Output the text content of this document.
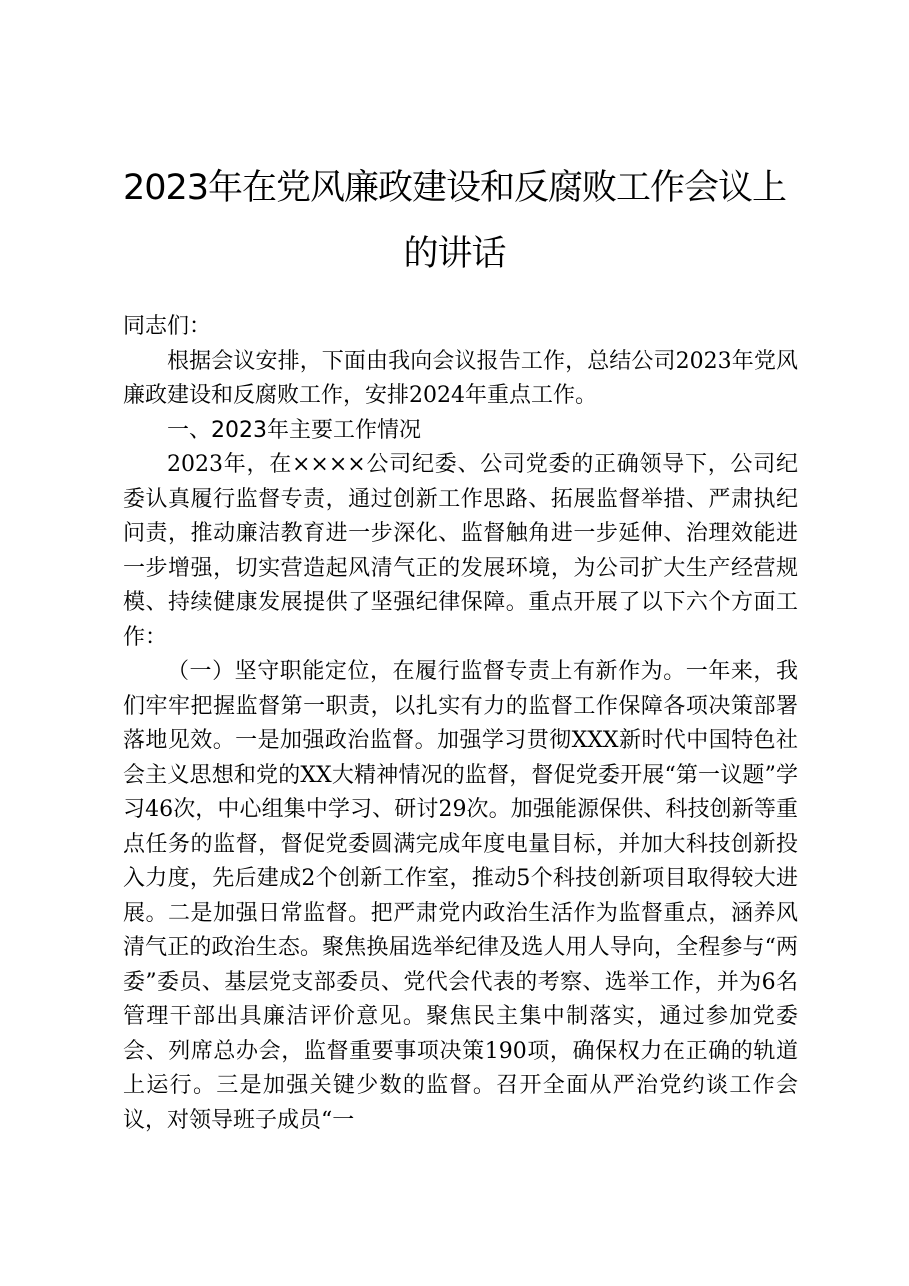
2023年在党风廉政建设和反腐败工作会议上
的讲话

同志们：

根据会议安排，下面由我向会议报告工作，总结公司2023年党风廉政建设和反腐败工作，安排2024年重点工作。

一、2023年主要工作情况

2023年，在××××公司纪委、公司党委的正确领导下，公司纪委认真履行监督专责，通过创新工作思路、拓展监督举措、严肃执纪问责，推动廉洁教育进一步深化、监督触角进一步延伸、治理效能进一步增强，切实营造起风清气正的发展环境，为公司扩大生产经营规模、持续健康发展提供了坚强纪律保障。重点开展了以下六个方面工作：

（一）坚守职能定位，在履行监督专责上有新作为。一年来，我们牢牢把握监督第一职责，以扎实有力的监督工作保障各项决策部署落地见效。一是加强政治监督。加强学习贯彻XXX新时代中国特色社会主义思想和党的XX大精神情况的监督，督促党委开展“第一议题”学习46次，中心组集中学习、研讨29次。加强能源保供、科技创新等重点任务的监督，督促党委圆满完成年度电量目标，并加大科技创新投入力度，先后建成2个创新工作室，推动5个科技创新项目取得较大进展。二是加强日常监督。把严肃党内政治生活作为监督重点，涵养风清气正的政治生态。聚焦换届选举纪律及选人用人导向，全程参与“两委”委员、基层党支部委员、党代会代表的考察、选举工作，并为6名管理干部出具廉洁评价意见。聚焦民主集中制落实，通过参加党委会、列席总办会，监督重要事项决策190项，确保权力在正确的轨道上运行。三是加强关键少数的监督。召开全面从严治党约谈工作会议，对领导班子成员“一
